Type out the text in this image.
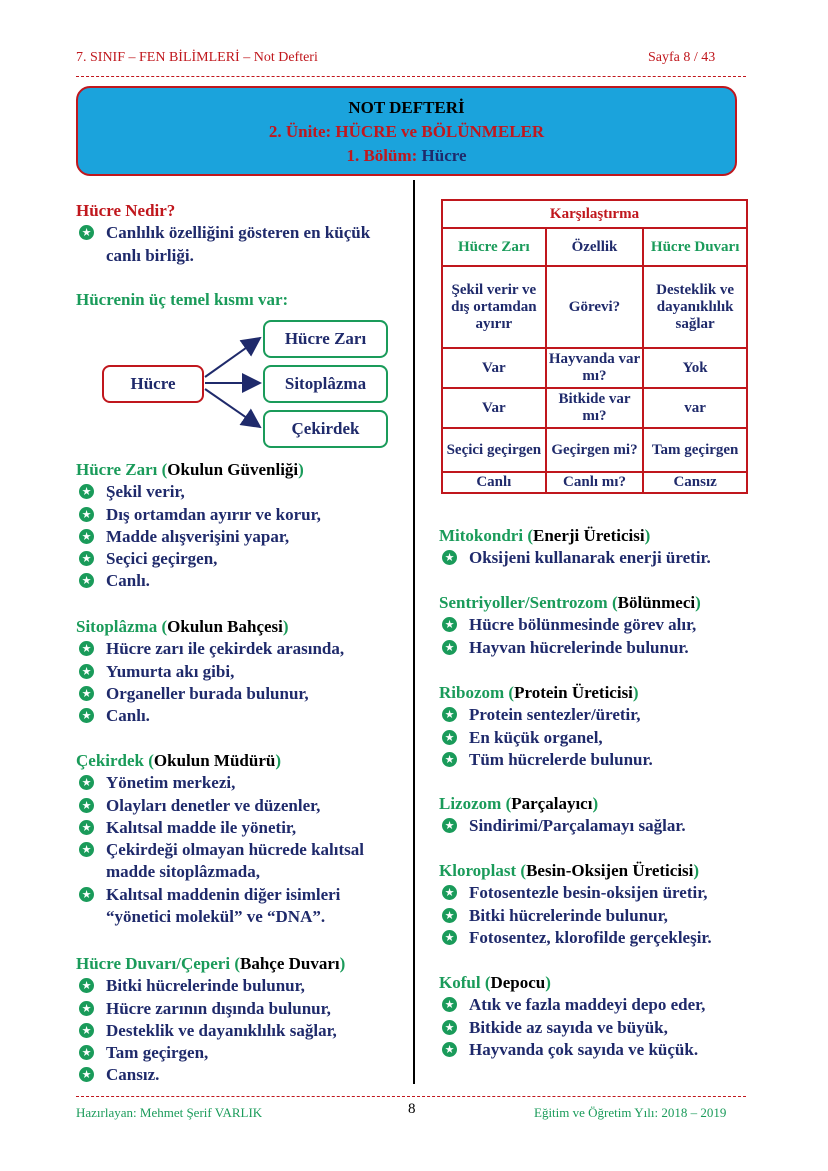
7. SINIF – FEN BİLİMLERİ – Not Defteri	Sayfa 8 / 43
NOT DEFTERİ
2. Ünite: HÜCRE ve BÖLÜNMELER
1. Bölüm: Hücre
Hücre Nedir?
★ Canlılık özelliğini gösteren en küçük canlı birliği.
Hücrenin üç temel kısmı var:
Hücre
Hücre Zarı
Sitoplâzma
Çekirdek
Hücre Zarı (Okulun Güvenliği)
★ Şekil verir,
★ Dış ortamdan ayırır ve korur,
★ Madde alışverişini yapar,
★ Seçici geçirgen,
★ Canlı.
Sitoplâzma (Okulun Bahçesi)
★ Hücre zarı ile çekirdek arasında,
★ Yumurta akı gibi,
★ Organeller burada bulunur,
★ Canlı.
Çekirdek (Okulun Müdürü)
★ Yönetim merkezi,
★ Olayları denetler ve düzenler,
★ Kalıtsal madde ile yönetir,
★ Çekirdeği olmayan hücrede kalıtsal madde sitoplâzmada,
★ Kalıtsal maddenin diğer isimleri “yönetici molekül” ve “DNA”.
Hücre Duvarı/Çeperi (Bahçe Duvarı)
★ Bitki hücrelerinde bulunur,
★ Hücre zarının dışında bulunur,
★ Desteklik ve dayanıklılık sağlar,
★ Tam geçirgen,
★ Cansız.
Karşılaştırma		
Hücre Zarı	Özellik	Hücre Duvarı
Şekil verir ve dış ortamdan ayırır	Görevi?	Desteklik ve dayanıklılık sağlar
Var	Hayvanda var mı?	Yok
Var	Bitkide var mı?	var
Seçici geçirgen	Geçirgen mi?	Tam geçirgen
Canlı	Canlı mı?	Cansız
Mitokondri (Enerji Üreticisi)
★ Oksijeni kullanarak enerji üretir.
Sentriyoller/Sentrozom (Bölünmeci)
★ Hücre bölünmesinde görev alır,
★ Hayvan hücrelerinde bulunur.
Ribozom (Protein Üreticisi)
★ Protein sentezler/üretir,
★ En küçük organel,
★ Tüm hücrelerde bulunur.
Lizozom (Parçalayıcı)
★ Sindirimi/Parçalamayı sağlar.
Kloroplast (Besin-Oksijen Üreticisi)
★ Fotosentezle besin-oksijen üretir,
★ Bitki hücrelerinde bulunur,
★ Fotosentez, klorofilde gerçekleşir.
Koful (Depocu)
★ Atık ve fazla maddeyi depo eder,
★ Bitkide az sayıda ve büyük,
★ Hayvanda çok sayıda ve küçük.
Hazırlayan: Mehmet Şerif VARLIK	8	Eğitim ve Öğretim Yılı: 2018 – 2019
